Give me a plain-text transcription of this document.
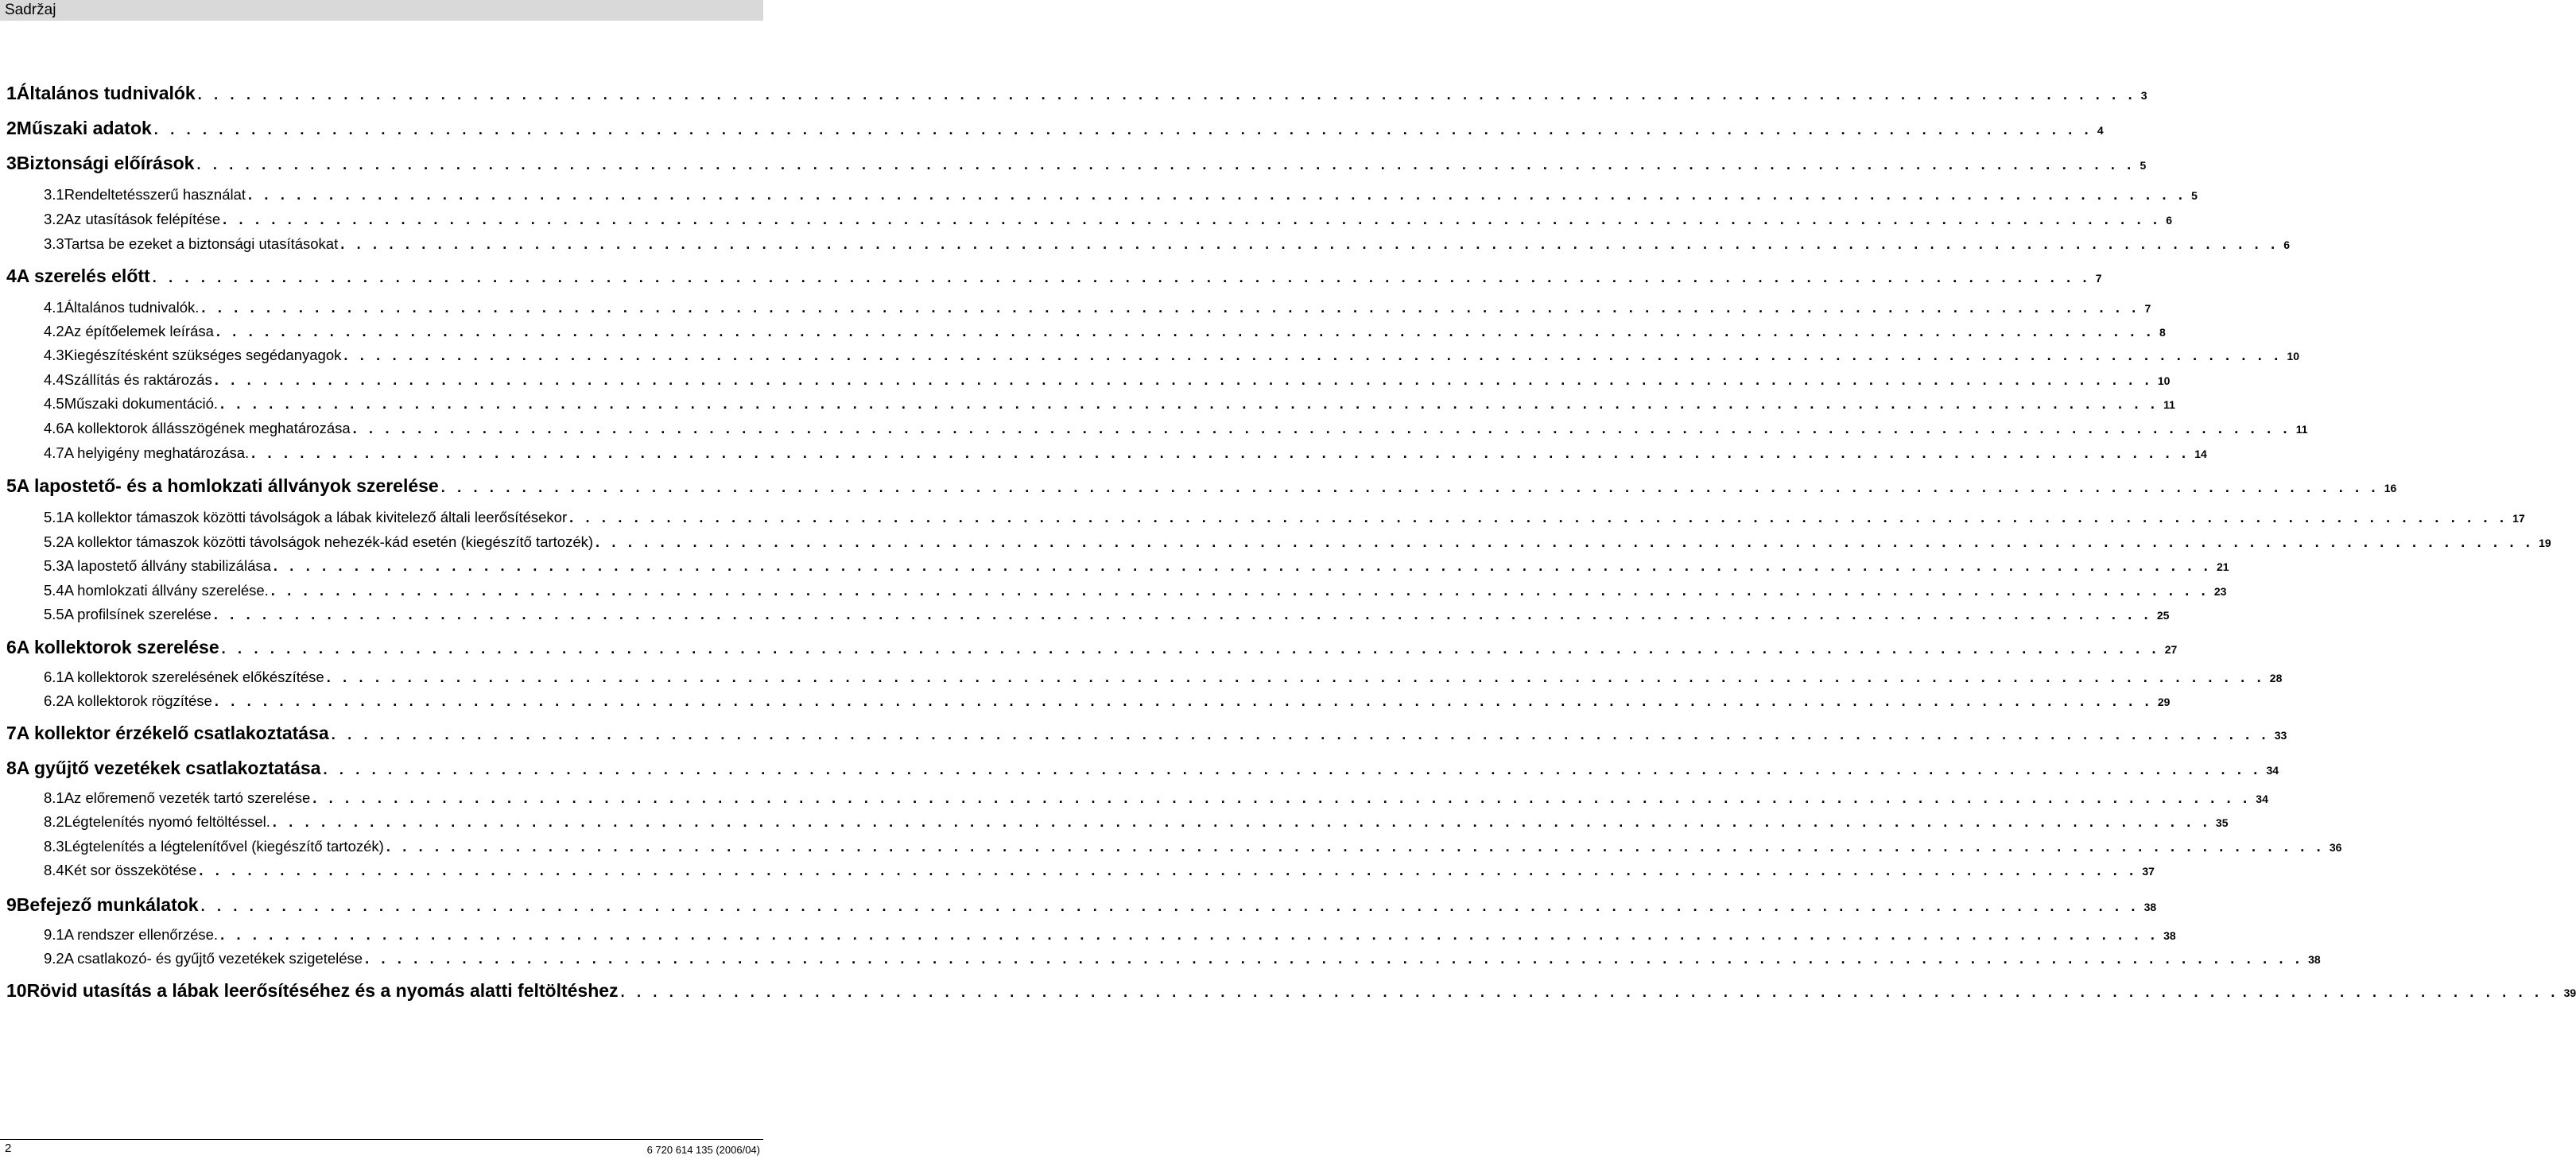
Sadržaj
1 Általános tudnivalók . . . . . . . . . . . . . . . . . . . . . . . . . . . . . . . . . . . . . . . . . . . . . . . . . . . . . . . . . . . . . . . . . . . . . . . . . . . . . . . . . . . . . . . . . . . . . . . . . . . . . . . . . . . . . . . . . . . . . . . . 3
2 Műszaki adatok . . . . . . . . . . . . . . . . . . . . . . . . . . . . . . . . . . . . . . . . . . . . . . . . . . . . . . . . . . . . . . . . . . . . . . . . . . . . . . . . . . . . . . . . . . . . . . . . . . . . . . . . . . . . . . . . . . . . . . . . 4
3 Biztonsági előírások . . . . . . . . . . . . . . . . . . . . . . . . . . . . . . . . . . . . . . . . . . . . . . . . . . . . . . . . . . . . . . . . . . . . . . . . . . . . . . . . . . . . . . . . . . . . . . . . . . . . . . . . . . . . . . . . . . . . . . . . 5
3.1 Rendeltetésszerű használat . . . . . . . . . . . . . . . . . . . . . . . . . . . . . . . . . . . . . . . . . . . . . . . . . . . . . . . . . . . . . . . . . . . . . . . . . . . . . . . . . . . . . . . . . . . . . . . . . . . . . . . . . . . . . . . . . . . . . . . . 5
3.2 Az utasítások felépítése . . . . . . . . . . . . . . . . . . . . . . . . . . . . . . . . . . . . . . . . . . . . . . . . . . . . . . . . . . . . . . . . . . . . . . . . . . . . . . . . . . . . . . . . . . . . . . . . . . . . . . . . . . . . . . . . . . . . . . . . 6
3.3 Tartsa be ezeket a biztonsági utasításokat . . . . . . . . . . . . . . . . . . . . . . . . . . . . . . . . . . . . . . . . . . . . . . . . . . . . . . . . . . . . . . . . . . . . . . . . . . . . . . . . . . . . . . . . . . . . . . . . . . . . . . . . . . . . . . . . . . . . . . . . 6
4 A szerelés előtt . . . . . . . . . . . . . . . . . . . . . . . . . . . . . . . . . . . . . . . . . . . . . . . . . . . . . . . . . . . . . . . . . . . . . . . . . . . . . . . . . . . . . . . . . . . . . . . . . . . . . . . . . . . . . . . . . . . . . . . . 7
4.1 Általános tudnivalók. . . . . . . . . . . . . . . . . . . . . . . . . . . . . . . . . . . . . . . . . . . . . . . . . . . . . . . . . . . . . . . . . . . . . . . . . . . . . . . . . . . . . . . . . . . . . . . . . . . . . . . . . . . . . . . . . . . . . . . . . 7
4.2 Az építőelemek leírása . . . . . . . . . . . . . . . . . . . . . . . . . . . . . . . . . . . . . . . . . . . . . . . . . . . . . . . . . . . . . . . . . . . . . . . . . . . . . . . . . . . . . . . . . . . . . . . . . . . . . . . . . . . . . . . . . . . . . . . . 8
4.3 Kiegészítésként szükséges segédanyagok . . . . . . . . . . . . . . . . . . . . . . . . . . . . . . . . . . . . . . . . . . . . . . . . . . . . . . . . . . . . . . . . . . . . . . . . . . . . . . . . . . . . . . . . . . . . . . . . . . . . . . . . . . . . . . . . . . . . . . . . 10
4.4 Szállítás és raktározás . . . . . . . . . . . . . . . . . . . . . . . . . . . . . . . . . . . . . . . . . . . . . . . . . . . . . . . . . . . . . . . . . . . . . . . . . . . . . . . . . . . . . . . . . . . . . . . . . . . . . . . . . . . . . . . . . . . . . . . . 10
4.5 Műszaki dokumentáció. . . . . . . . . . . . . . . . . . . . . . . . . . . . . . . . . . . . . . . . . . . . . . . . . . . . . . . . . . . . . . . . . . . . . . . . . . . . . . . . . . . . . . . . . . . . . . . . . . . . . . . . . . . . . . . . . . . . . . . . . 11
4.6 A kollektorok állásszögének meghatározása . . . . . . . . . . . . . . . . . . . . . . . . . . . . . . . . . . . . . . . . . . . . . . . . . . . . . . . . . . . . . . . . . . . . . . . . . . . . . . . . . . . . . . . . . . . . . . . . . . . . . . . . . . . . . . . . . . . . . . . . 11
4.7 A helyigény meghatározása. . . . . . . . . . . . . . . . . . . . . . . . . . . . . . . . . . . . . . . . . . . . . . . . . . . . . . . . . . . . . . . . . . . . . . . . . . . . . . . . . . . . . . . . . . . . . . . . . . . . . . . . . . . . . . . . . . . . . . . . . 14
5 A lapostető- és a homlokzati állványok szerelése . . . . . . . . . . . . . . . . . . . . . . . . . . . . . . . . . . . . . . . . . . . . . . . . . . . . . . . . . . . . . . . . . . . . . . . . . . . . . . . . . . . . . . . . . . . . . . . . . . . . . . . . . . . . . . . . . . . . . . . . 16
5.1 A kollektor támaszok közötti távolságok a lábak kivitelező általi leerősítésekor . . . . . . . . . . . . . . . . . . . . . . . . . . . . . . . . . . . . . . . . . . . . . . . . . . . . . . . . . . . . . . . . . . . . . . . . . . . . . . . . . . . . . . . . . . . . . . . . . . . . . . . . . . . . . . . . . . . . . . . . 17
5.2 A kollektor támaszok közötti távolságok nehezék-kád esetén (kiegészítő tartozék) . . . . . . . . . . . . . . . . . . . . . . . . . . . . . . . . . . . . . . . . . . . . . . . . . . . . . . . . . . . . . . . . . . . . . . . . . . . . . . . . . . . . . . . . . . . . . . . . . . . . . . . . . . . . . . . . . . . . . . . . 19
5.3 A lapostető állvány stabilizálása . . . . . . . . . . . . . . . . . . . . . . . . . . . . . . . . . . . . . . . . . . . . . . . . . . . . . . . . . . . . . . . . . . . . . . . . . . . . . . . . . . . . . . . . . . . . . . . . . . . . . . . . . . . . . . . . . . . . . . . . 21
5.4 A homlokzati állvány szerelése. . . . . . . . . . . . . . . . . . . . . . . . . . . . . . . . . . . . . . . . . . . . . . . . . . . . . . . . . . . . . . . . . . . . . . . . . . . . . . . . . . . . . . . . . . . . . . . . . . . . . . . . . . . . . . . . . . . . . . . . . 23
5.5 A profilsínek szerelése . . . . . . . . . . . . . . . . . . . . . . . . . . . . . . . . . . . . . . . . . . . . . . . . . . . . . . . . . . . . . . . . . . . . . . . . . . . . . . . . . . . . . . . . . . . . . . . . . . . . . . . . . . . . . . . . . . . . . . . . 25
6 A kollektorok szerelése . . . . . . . . . . . . . . . . . . . . . . . . . . . . . . . . . . . . . . . . . . . . . . . . . . . . . . . . . . . . . . . . . . . . . . . . . . . . . . . . . . . . . . . . . . . . . . . . . . . . . . . . . . . . . . . . . . . . . . . . 27
6.1 A kollektorok szerelésének előkészítése . . . . . . . . . . . . . . . . . . . . . . . . . . . . . . . . . . . . . . . . . . . . . . . . . . . . . . . . . . . . . . . . . . . . . . . . . . . . . . . . . . . . . . . . . . . . . . . . . . . . . . . . . . . . . . . . . . . . . . . . 28
6.2 A kollektorok rögzítése . . . . . . . . . . . . . . . . . . . . . . . . . . . . . . . . . . . . . . . . . . . . . . . . . . . . . . . . . . . . . . . . . . . . . . . . . . . . . . . . . . . . . . . . . . . . . . . . . . . . . . . . . . . . . . . . . . . . . . . . 29
7 A kollektor érzékelő csatlakoztatása . . . . . . . . . . . . . . . . . . . . . . . . . . . . . . . . . . . . . . . . . . . . . . . . . . . . . . . . . . . . . . . . . . . . . . . . . . . . . . . . . . . . . . . . . . . . . . . . . . . . . . . . . . . . . . . . . . . . . . . . 33
8 A gyűjtő vezetékek csatlakoztatása . . . . . . . . . . . . . . . . . . . . . . . . . . . . . . . . . . . . . . . . . . . . . . . . . . . . . . . . . . . . . . . . . . . . . . . . . . . . . . . . . . . . . . . . . . . . . . . . . . . . . . . . . . . . . . . . . . . . . . . . 34
8.1 Az előremenő vezeték tartó szerelése . . . . . . . . . . . . . . . . . . . . . . . . . . . . . . . . . . . . . . . . . . . . . . . . . . . . . . . . . . . . . . . . . . . . . . . . . . . . . . . . . . . . . . . . . . . . . . . . . . . . . . . . . . . . . . . . . . . . . . . . 34
8.2 Légtelenítés nyomó feltöltéssel. . . . . . . . . . . . . . . . . . . . . . . . . . . . . . . . . . . . . . . . . . . . . . . . . . . . . . . . . . . . . . . . . . . . . . . . . . . . . . . . . . . . . . . . . . . . . . . . . . . . . . . . . . . . . . . . . . . . . . . . . 35
8.3 Légtelenítés a légtelenítővel (kiegészítő tartozék) . . . . . . . . . . . . . . . . . . . . . . . . . . . . . . . . . . . . . . . . . . . . . . . . . . . . . . . . . . . . . . . . . . . . . . . . . . . . . . . . . . . . . . . . . . . . . . . . . . . . . . . . . . . . . . . . . . . . . . . . 36
8.4 Két sor összekötése . . . . . . . . . . . . . . . . . . . . . . . . . . . . . . . . . . . . . . . . . . . . . . . . . . . . . . . . . . . . . . . . . . . . . . . . . . . . . . . . . . . . . . . . . . . . . . . . . . . . . . . . . . . . . . . . . . . . . . . . 37
9 Befejező munkálatok . . . . . . . . . . . . . . . . . . . . . . . . . . . . . . . . . . . . . . . . . . . . . . . . . . . . . . . . . . . . . . . . . . . . . . . . . . . . . . . . . . . . . . . . . . . . . . . . . . . . . . . . . . . . . . . . . . . . . . . . 38
9.1 A rendszer ellenőrzése. . . . . . . . . . . . . . . . . . . . . . . . . . . . . . . . . . . . . . . . . . . . . . . . . . . . . . . . . . . . . . . . . . . . . . . . . . . . . . . . . . . . . . . . . . . . . . . . . . . . . . . . . . . . . . . . . . . . . . . . . 38
9.2 A csatlakozó- és gyűjtő vezetékek szigetelése . . . . . . . . . . . . . . . . . . . . . . . . . . . . . . . . . . . . . . . . . . . . . . . . . . . . . . . . . . . . . . . . . . . . . . . . . . . . . . . . . . . . . . . . . . . . . . . . . . . . . . . . . . . . . . . . . . . . . . . . 38
10 Rövid utasítás a lábak leerősítéséhez és a nyomás alatti feltöltéshez . . . . . . . . . . . . . . . . . . . . . . . . . . . . . . . . . . . . . . . . . . . . . . . . . . . . . . . . . . . . . . . . . . . . . . . . . . . . . . . . . . . . . . . . . . . . . . . . . . . . . . . . . . . . . . . . . . . . . . . . 39
2	6 720 614 135 (2006/04)
